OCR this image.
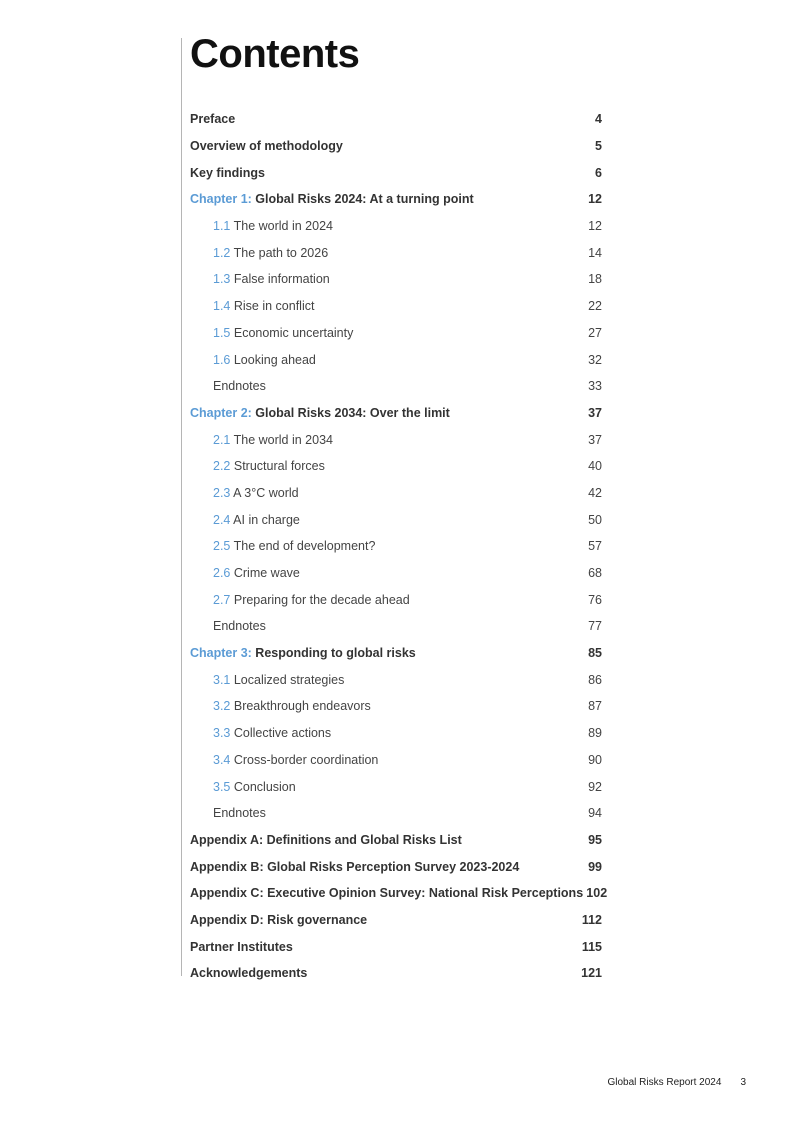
Contents
Preface	4
Overview of methodology	5
Key findings	6
Chapter 1: Global Risks 2024: At a turning point	12
1.1 The world in 2024	12
1.2 The path to 2026	14
1.3 False information	18
1.4 Rise in conflict	22
1.5 Economic uncertainty	27
1.6 Looking ahead	32
Endnotes	33
Chapter 2: Global Risks 2034: Over the limit	37
2.1 The world in 2034	37
2.2 Structural forces	40
2.3 A 3°C world	42
2.4 AI in charge	50
2.5 The end of development?	57
2.6 Crime wave	68
2.7 Preparing for the decade ahead	76
Endnotes	77
Chapter 3: Responding to global risks	85
3.1 Localized strategies	86
3.2 Breakthrough endeavors	87
3.3 Collective actions	89
3.4 Cross-border coordination	90
3.5 Conclusion	92
Endnotes	94
Appendix A: Definitions and Global Risks List	95
Appendix B: Global Risks Perception Survey 2023-2024	99
Appendix C: Executive Opinion Survey: National Risk Perceptions 102
Appendix D: Risk governance	112
Partner Institutes	115
Acknowledgements	121
Global Risks Report 2024 3
